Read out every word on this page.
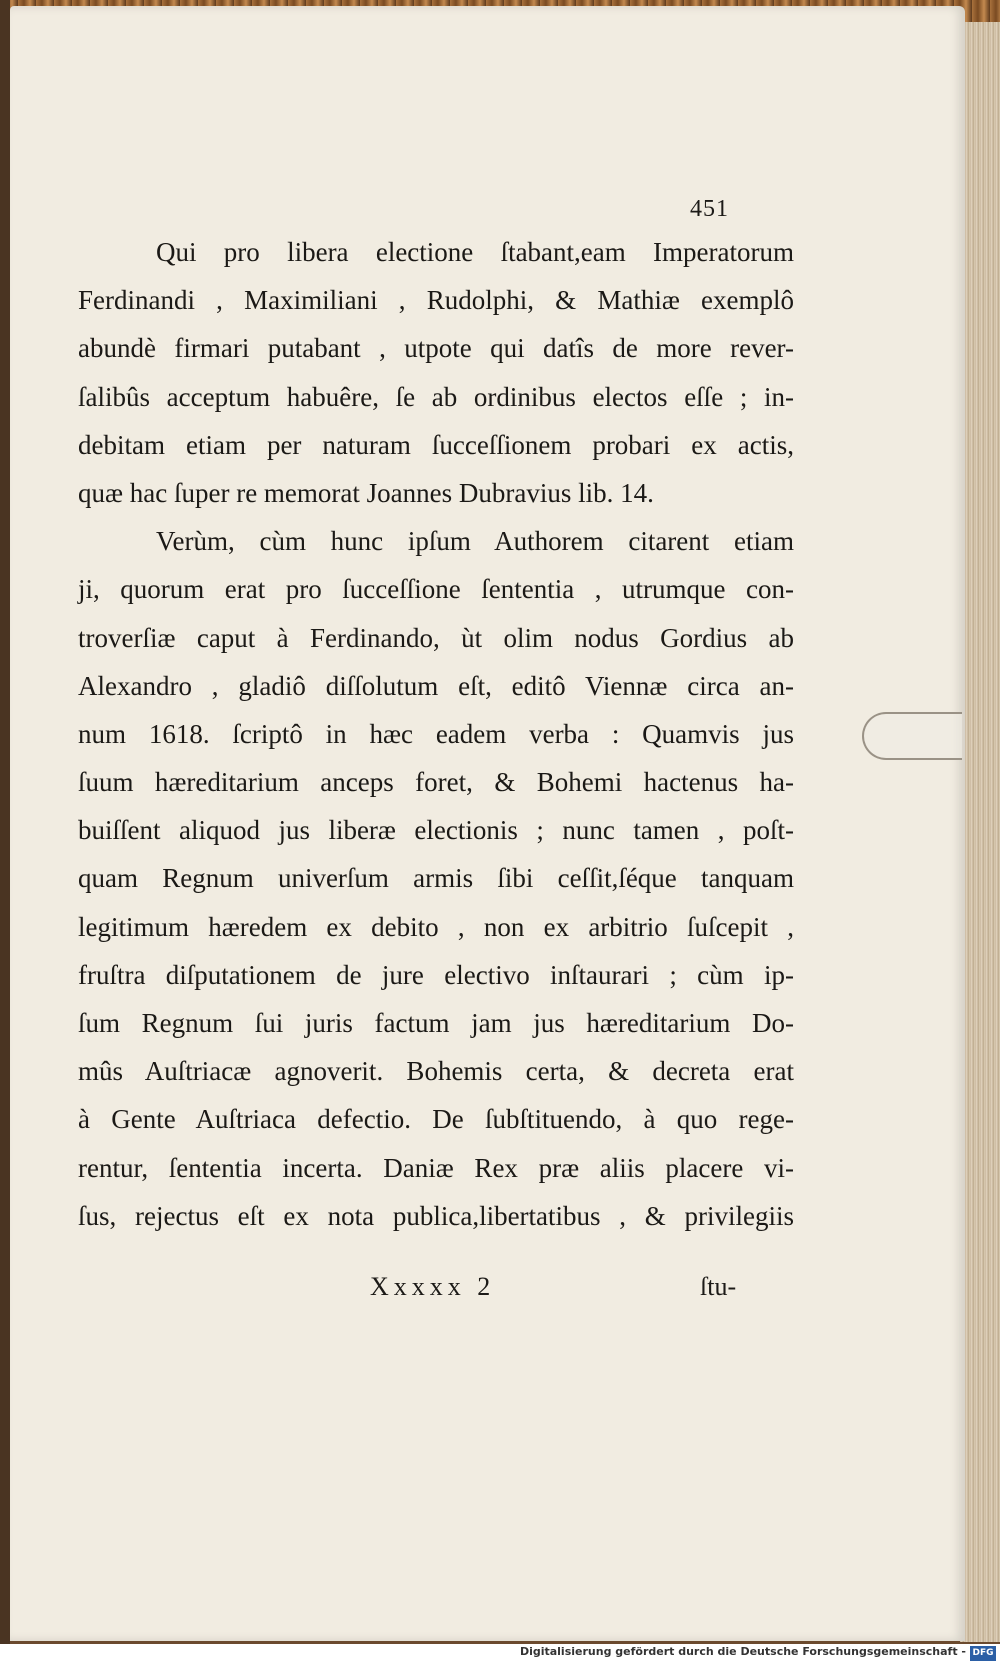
451
Qui pro libera electione ſtabant,eam Imperatorum
Ferdinandi , Maximiliani , Rudolphi, & Mathiæ exemplô
abundè firmari putabant , utpote qui datîs de more rever-
ſalibûs acceptum habuêre, ſe ab ordinibus electos eſſe ; in-
debitam etiam per naturam ſucceſſionem probari ex actis,
quæ hac ſuper re memorat Joannes Dubravius lib. 14.
Verùm, cùm hunc ipſum Authorem citarent etiam
ji, quorum erat pro ſucceſſione ſententia , utrumque con-
troverſiæ caput à Ferdinando, ùt olim nodus Gordius ab
Alexandro , gladiô diſſolutum eſt, editô Viennæ circa an-
num 1618. ſcriptô in hæc eadem verba : Quamvis jus
ſuum hæreditarium anceps foret, & Bohemi hactenus ha-
buiſſent aliquod jus liberæ electionis ; nunc tamen , poſt-
quam Regnum univerſum armis ſibi ceſſit,ſéque tanquam
legitimum hæredem ex debito , non ex arbitrio ſuſcepit ,
fruſtra diſputationem de jure electivo inſtaurari ; cùm ip-
ſum Regnum ſui juris factum jam jus hæreditarium Do-
mûs Auſtriacæ agnoverit. Bohemis certa, & decreta erat
à Gente Auſtriaca defectio. De ſubſtituendo, à quo rege-
rentur, ſententia incerta. Daniæ Rex præ aliis placere vi-
ſus, rejectus eſt ex nota publica,libertatibus , & privilegiis
Xxxxx 2	ſtu-
Digitalisierung gefördert durch die Deutsche Forschungsgemeinschaft - DFG
